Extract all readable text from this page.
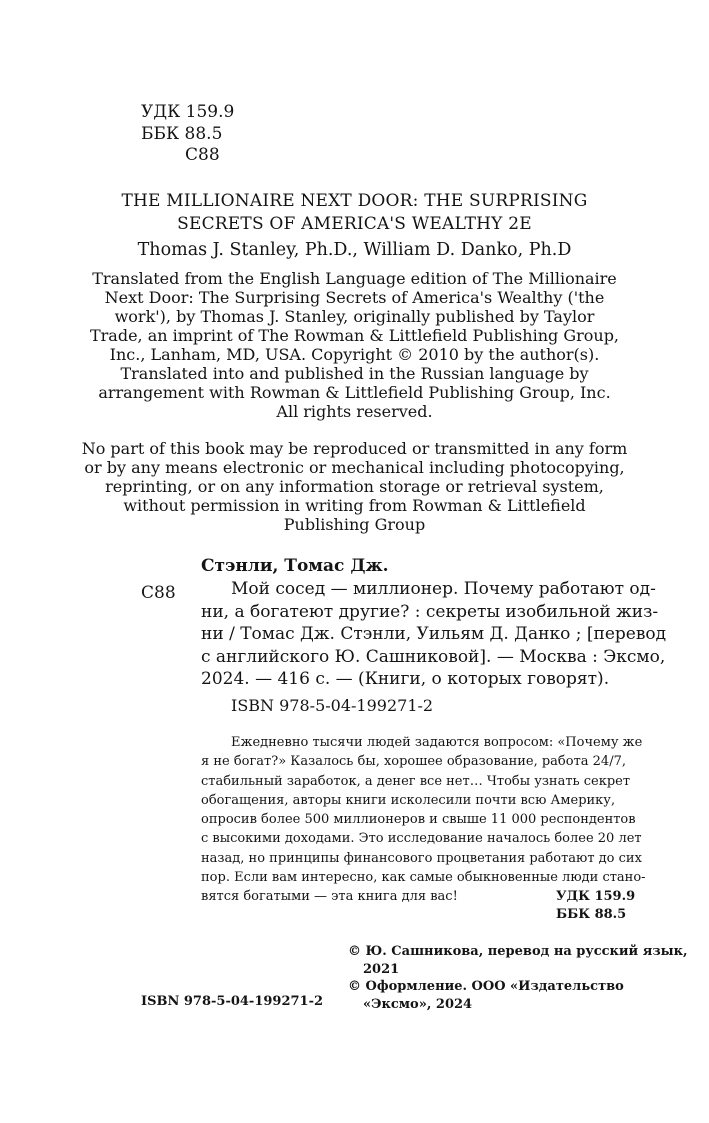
УДК 159.9
ББК 88.5
С88
THE MILLIONAIRE NEXT DOOR: THE SURPRISING
SECRETS OF AMERICA'S WEALTHY 2E
Thomas J. Stanley, Ph.D., William D. Danko, Ph.D
Translated from the English Language edition of The Millionaire
Next Door: The Surprising Secrets of America's Wealthy ('the
work'), by Thomas J. Stanley, originally published by Taylor
Trade, an imprint of The Rowman & Littlefield Publishing Group,
Inc., Lanham, MD, USA. Copyright © 2010 by the author(s).
Translated into and published in the Russian language by
arrangement with Rowman & Littlefield Publishing Group, Inc.
All rights reserved.
No part of this book may be reproduced or transmitted in any form
or by any means electronic or mechanical including photocopying,
reprinting, or on any information storage or retrieval system,
without permission in writing from Rowman & Littlefield
Publishing Group
Стэнли, Томас Дж.
С88	Мой сосед — миллионер. Почему работают од-
ни, а богатеют другие? : секреты изобильной жиз-
ни / Томас Дж. Стэнли, Уильям Д. Данко ; [перевод
с английского Ю. Сашниковой]. — Москва : Эксмо,
2024. — 416 с. — (Книги, о которых говорят).
ISBN 978-5-04-199271-2
Ежедневно тысячи людей задаются вопросом: «Почему же
я не богат?» Казалось бы, хорошее образование, работа 24/7,
стабильный заработок, а денег все нет… Чтобы узнать секрет
обогащения, авторы книги исколесили почти всю Америку,
опросив более 500 миллионеров и свыше 11 000 респондентов
с высокими доходами. Это исследование началось более 20 лет
назад, но принципы финансового процветания работают до сих
пор. Если вам интересно, как самые обыкновенные люди стано-
вятся богатыми — эта книга для вас!	УДК 159.9
ББК 88.5
© Ю. Сашникова, перевод на русский язык,
2021
© Оформление. ООО «Издательство
«Эксмо», 2024
ISBN 978-5-04-199271-2
